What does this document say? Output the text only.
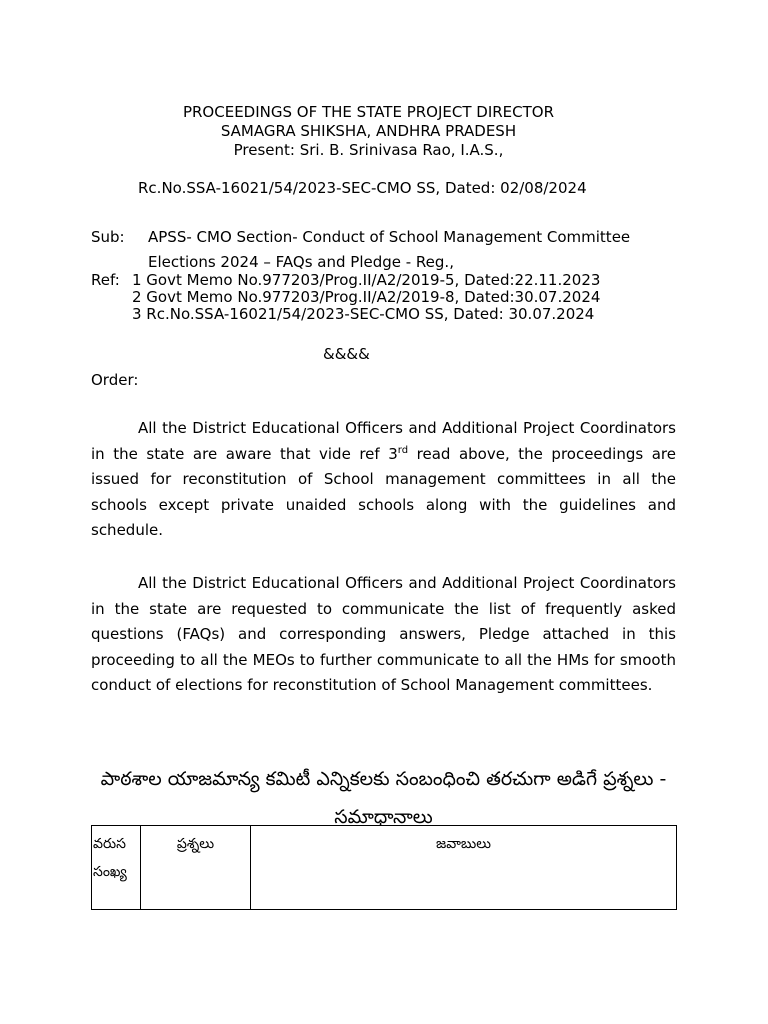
PROCEEDINGS OF THE STATE PROJECT DIRECTOR
SAMAGRA SHIKSHA, ANDHRA PRADESH
Present: Sri. B. Srinivasa Rao, I.A.S.,
Rc.No.SSA-16021/54/2023-SEC-CMO SS, Dated: 02/08/2024
Sub: APSS- CMO Section- Conduct of School Management Committee
Elections 2024 – FAQs and Pledge - Reg.,
Ref: 1 Govt Memo No.977203/Prog.II/A2/2019-5, Dated:22.11.2023
2 Govt Memo No.977203/Prog.II/A2/2019-8, Dated:30.07.2024
3 Rc.No.SSA-16021/54/2023-SEC-CMO SS, Dated: 30.07.2024
&&&&
Order:
All the District Educational Officers and Additional Project Coordinators in the state are aware that vide ref 3rd read above, the proceedings are issued for reconstitution of School management committees in all the schools except private unaided schools along with the guidelines and schedule.
All the District Educational Officers and Additional Project Coordinators in the state are requested to communicate the list of frequently asked questions (FAQs) and corresponding answers, Pledge attached in this proceeding to all the MEOs to further communicate to all the HMs for smooth conduct of elections for reconstitution of School Management committees.
పాఠశాల యాజమాన్య కమిటీ ఎన్నికలకు సంబంధించి తరచుగా అడిగే ప్రశ్నలు -
సమాధానాలు
వరుస సంఖ్య	ప్రశ్నలు	జవాబులు
